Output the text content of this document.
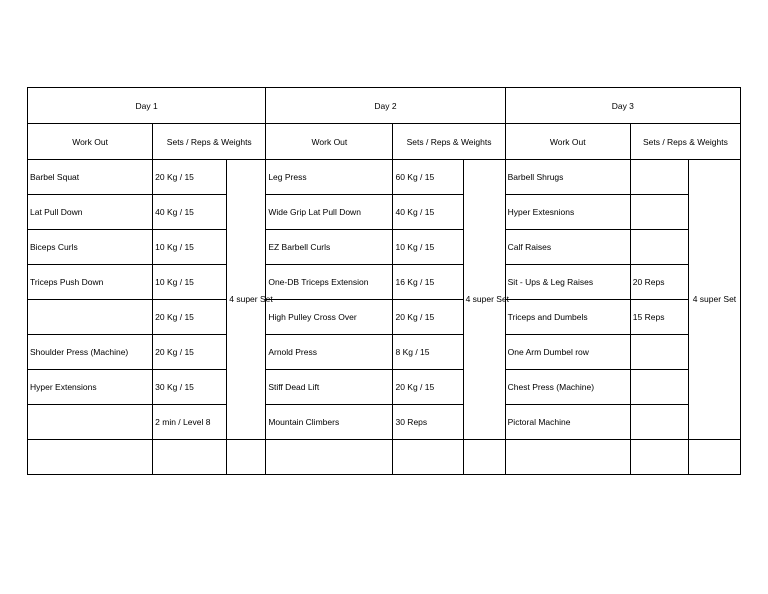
Day 1			Day 2			Day 3		
Work Out	Sets / Reps & Weights		Work Out	Sets / Reps & Weights		Work Out	Sets / Reps & Weights	
Barbel Squat	20 Kg / 15	4 super Set	Leg Press	60 Kg / 15	4 super Set	Barbell Shrugs		4 super Set
Lat Pull Down	40 Kg / 15		Wide Grip Lat Pull Down	40 Kg / 15		Hyper Extesnions		
Biceps Curls	10 Kg / 15		EZ Barbell Curls	10 Kg / 15		Calf Raises		
Triceps Push Down	10 Kg / 15		One-DB Triceps Extension	16 Kg / 15		Sit - Ups & Leg Raises	20 Reps	
	20 Kg / 15		High Pulley Cross Over	20 Kg / 15		Triceps and Dumbels	15 Reps	
Shoulder Press (Machine)	20 Kg / 15		Arnold Press	8 Kg / 15		One Arm Dumbel row		
Hyper Extensions	30 Kg / 15		Stiff Dead Lift	20 Kg / 15		Chest Press (Machine)		
	2 min / Level 8		Mountain Climbers	30 Reps		Pictoral Machine		
